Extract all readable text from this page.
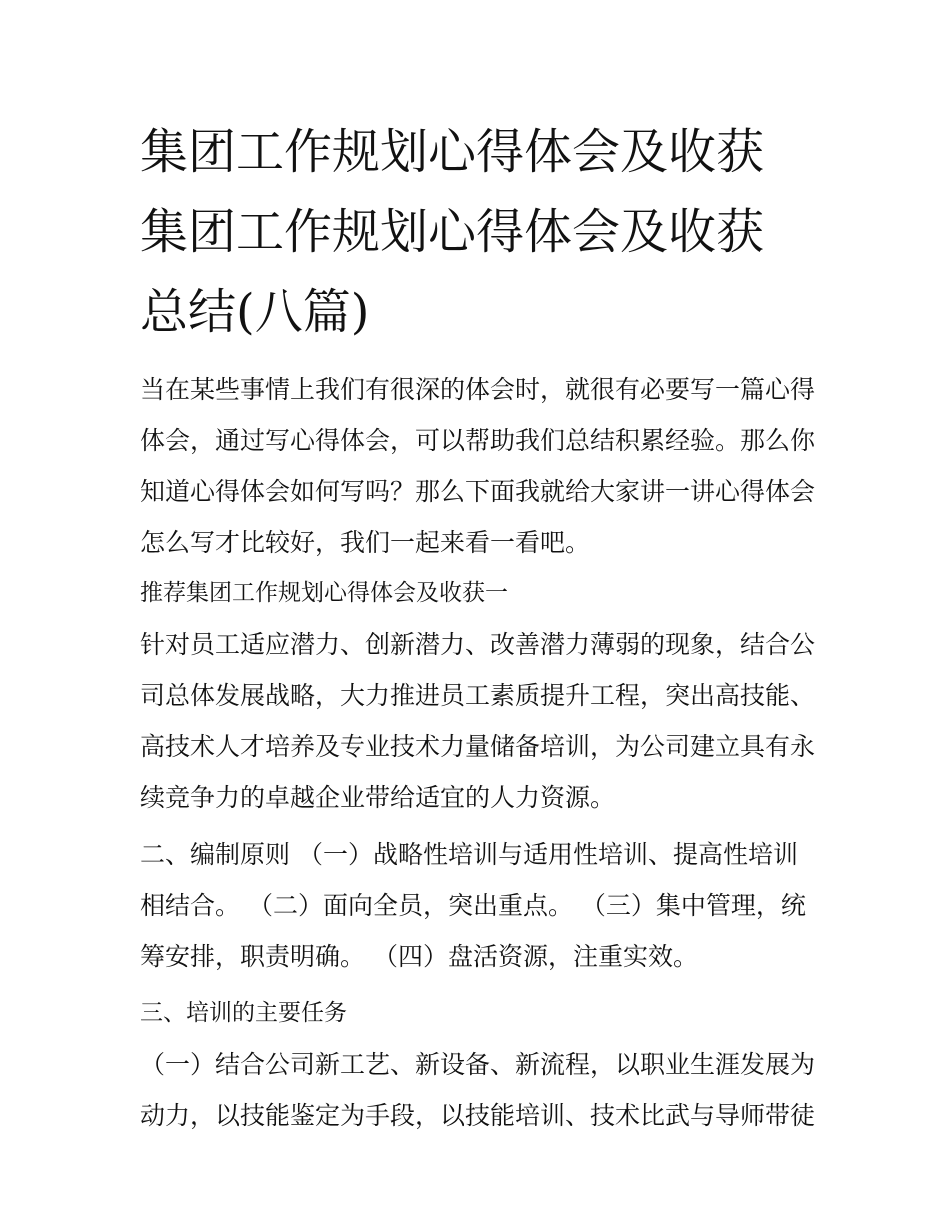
集团工作规划心得体会及收获
集团工作规划心得体会及收获
总结(八篇)

当在某些事情上我们有很深的体会时，就很有必要写一篇心得
体会，通过写心得体会，可以帮助我们总结积累经验。那么你
知道心得体会如何写吗？那么下面我就给大家讲一讲心得体会
怎么写才比较好，我们一起来看一看吧。

推荐集团工作规划心得体会及收获一

针对员工适应潜力、创新潜力、改善潜力薄弱的现象，结合公
司总体发展战略，大力推进员工素质提升工程，突出高技能、
高技术人才培养及专业技术力量储备培训，为公司建立具有永
续竞争力的卓越企业带给适宜的人力资源。

二、编制原则 （一）战略性培训与适用性培训、提高性培训
相结合。 （二）面向全员，突出重点。 （三）集中管理，统
筹安排，职责明确。 （四）盘活资源，注重实效。

三、培训的主要任务

（一）结合公司新工艺、新设备、新流程，以职业生涯发展为
动力，以技能鉴定为手段，以技能培训、技术比武与导师带徒
